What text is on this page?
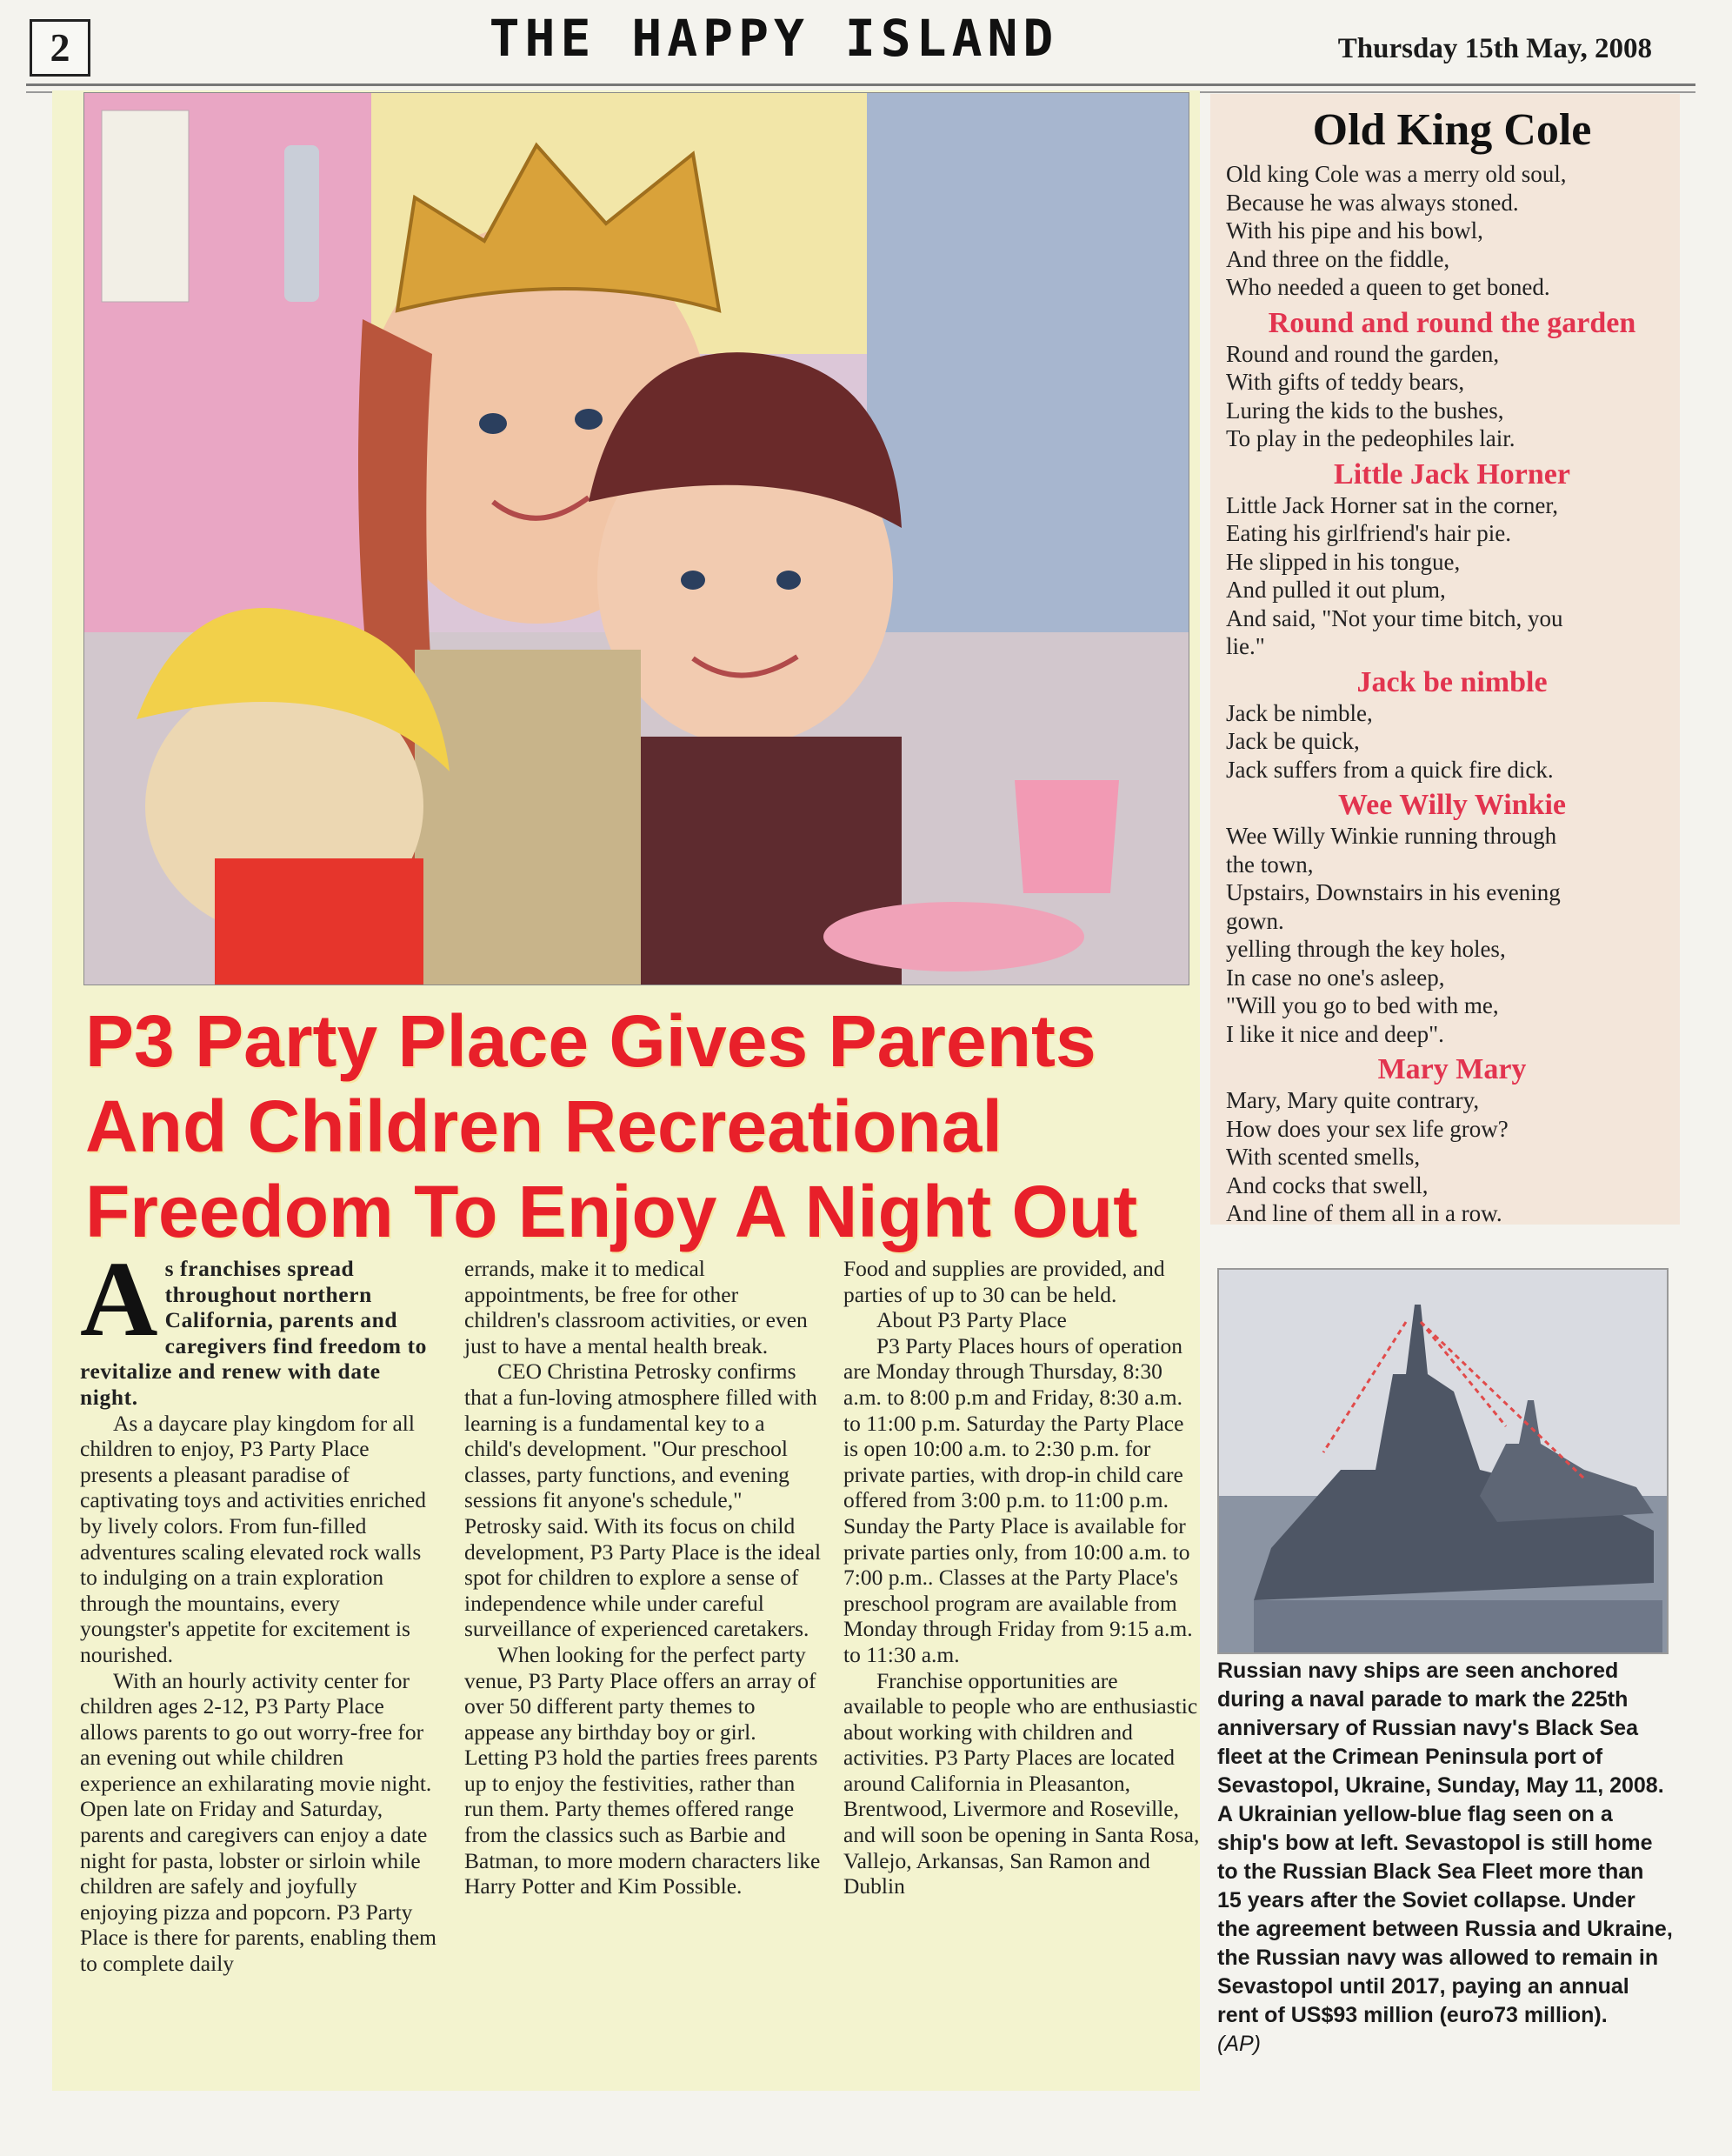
2	THE HAPPY ISLAND	Thursday 15th May, 2008
P3 Party Place Gives Parents
And Children Recreational
Freedom To Enjoy A Night Out

As franchises spread throughout northern California, parents and caregivers find freedom to revitalize and renew with date night.

As a daycare play kingdom for all children to enjoy, P3 Party Place presents a pleasant paradise of captivating toys and activities enriched by lively colors. From fun-filled adventures scaling elevated rock walls to indulging on a train exploration through the mountains, every youngster's appetite for excitement is nourished.

With an hourly activity center for children ages 2-12, P3 Party Place allows parents to go out worry-free for an evening out while children experience an exhilarating movie night. Open late on Friday and Saturday, parents and caregivers can enjoy a date night for pasta, lobster or sirloin while children are safely and joyfully enjoying pizza and popcorn. P3 Party Place is there for parents, enabling them to complete daily

errands, make it to medical appointments, be free for other children's classroom activities, or even just to have a mental health break.

CEO Christina Petrosky confirms that a fun-loving atmosphere filled with learning is a fundamental key to a child's development. "Our preschool classes, party functions, and evening sessions fit anyone's schedule," Petrosky said. With its focus on child development, P3 Party Place is the ideal spot for children to explore a sense of independence while under careful surveillance of experienced caretakers.

When looking for the perfect party venue, P3 Party Place offers an array of over 50 different party themes to appease any birthday boy or girl. Letting P3 hold the parties frees parents up to enjoy the festivities, rather than run them. Party themes offered range from the classics such as Barbie and Batman, to more modern characters like Harry Potter and Kim Possible.

Food and supplies are provided, and parties of up to 30 can be held.

About P3 Party Place

P3 Party Places hours of operation are Monday through Thursday, 8:30 a.m. to 8:00 p.m and Friday, 8:30 a.m. to 11:00 p.m. Saturday the Party Place is open 10:00 a.m. to 2:30 p.m. for private parties, with drop-in child care offered from 3:00 p.m. to 11:00 p.m. Sunday the Party Place is available for private parties only, from 10:00 a.m. to 7:00 p.m.. Classes at the Party Place's preschool program are available from Monday through Friday from 9:15 a.m. to 11:30 a.m.

Franchise opportunities are available to people who are enthusiastic about working with children and activities. P3 Party Places are located around California in Pleasanton, Brentwood, Livermore and Roseville, and will soon be opening in Santa Rosa, Vallejo, Arkansas, San Ramon and Dublin

Old King Cole
Old king Cole was a merry old soul,
Because he was always stoned.
With his pipe and his bowl,
And three on the fiddle,
Who needed a queen to get boned.
Round and round the garden
Round and round the garden,
With gifts of teddy bears,
Luring the kids to the bushes,
To play in the pedeophiles lair.
Little Jack Horner
Little Jack Horner sat in the corner,
Eating his girlfriend's hair pie.
He slipped in his tongue,
And pulled it out plum,
And said, "Not your time bitch, you
lie."
Jack be nimble
Jack be nimble,
Jack be quick,
Jack suffers from a quick fire dick.
Wee Willy Winkie
Wee Willy Winkie running through
the town,
Upstairs, Downstairs in his evening
gown.
yelling through the key holes,
In case no one's asleep,
"Will you go to bed with me,
I like it nice and deep".
Mary Mary
Mary, Mary quite contrary,
How does your sex life grow?
With scented smells,
And cocks that swell,
And line of them all in a row.
Russian navy ships are seen anchored during a naval parade to mark the 225th anniversary of Russian navy's Black Sea fleet at the Crimean Peninsula port of Sevastopol, Ukraine, Sunday, May 11, 2008. A Ukrainian yellow-blue flag seen on a ship's bow at left. Sevastopol is still home to the Russian Black Sea Fleet more than 15 years after the Soviet collapse. Under the agreement between Russia and Ukraine, the Russian navy was allowed to remain in Sevastopol until 2017, paying an annual rent of US$93 million (euro73 million).
(AP)
